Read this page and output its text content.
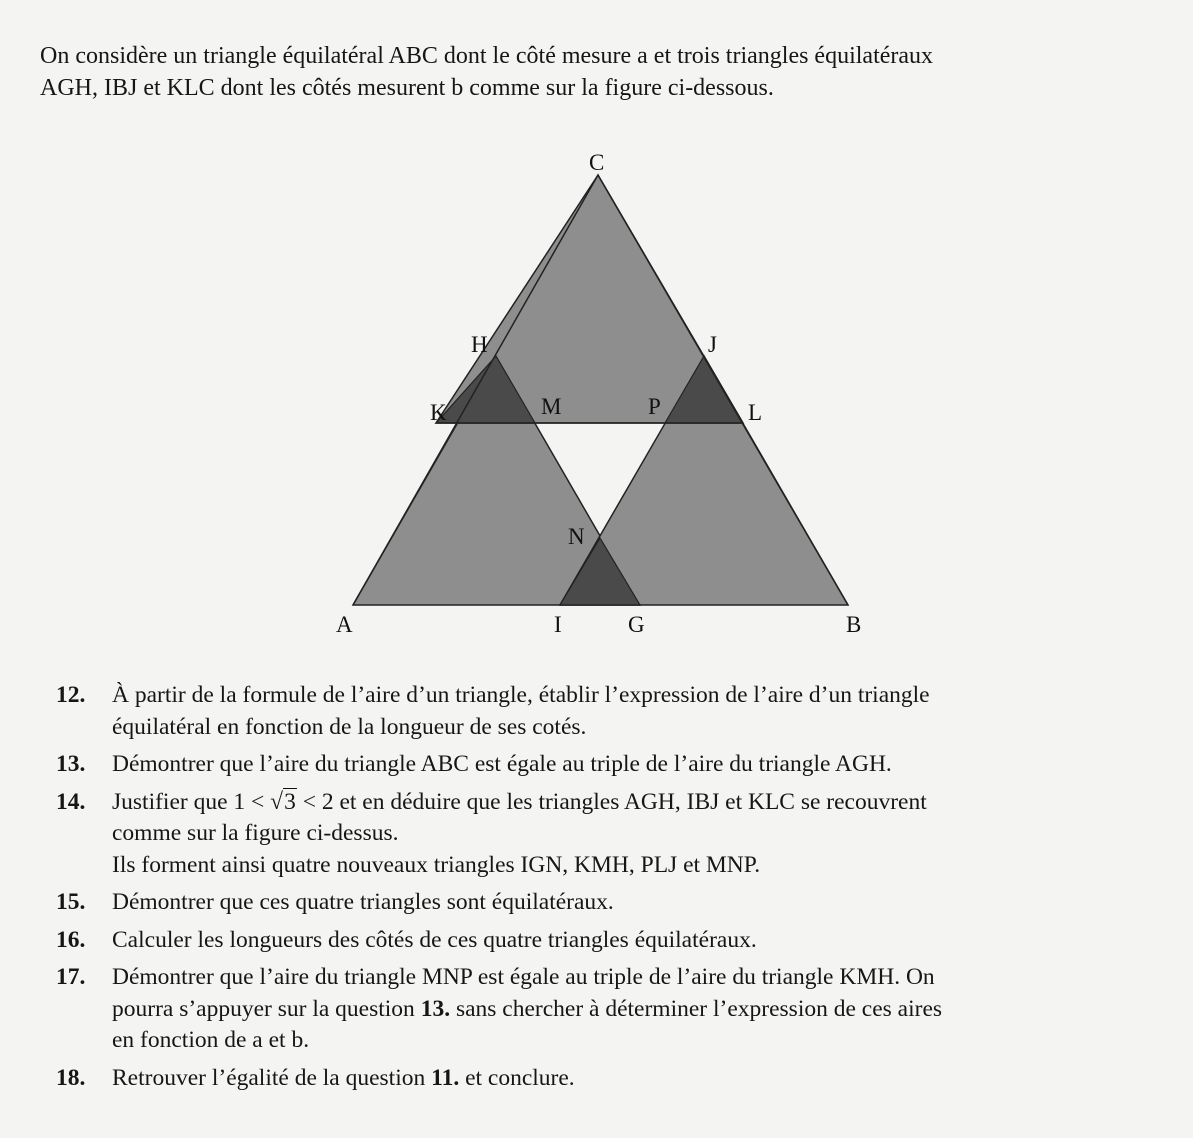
On considère un triangle équilatéral ABC dont le côté mesure a et trois triangles équilatéraux
AGH, IBJ et KLC dont les côtés mesurent b comme sur la figure ci-dessous.
C
H	J
K	M	P	L
N
A	I	G	B
12.	À partir de la formule de l’aire d’un triangle, établir l’expression de l’aire d’un triangle
équilatéral en fonction de la longueur de ses cotés.
13.	Démontrer que l’aire du triangle ABC est égale au triple de l’aire du triangle AGH.
14.	Justifier que 1 < √3 < 2 et en déduire que les triangles AGH, IBJ et KLC se recouvrent
comme sur la figure ci-dessus.
Ils forment ainsi quatre nouveaux triangles IGN, KMH, PLJ et MNP.
15.	Démontrer que ces quatre triangles sont équilatéraux.
16.	Calculer les longueurs des côtés de ces quatre triangles équilatéraux.
17.	Démontrer que l’aire du triangle MNP est égale au triple de l’aire du triangle KMH. On
pourra s’appuyer sur la question 13. sans chercher à déterminer l’expression de ces aires
en fonction de a et b.
18.	Retrouver l’égalité de la question 11. et conclure.
